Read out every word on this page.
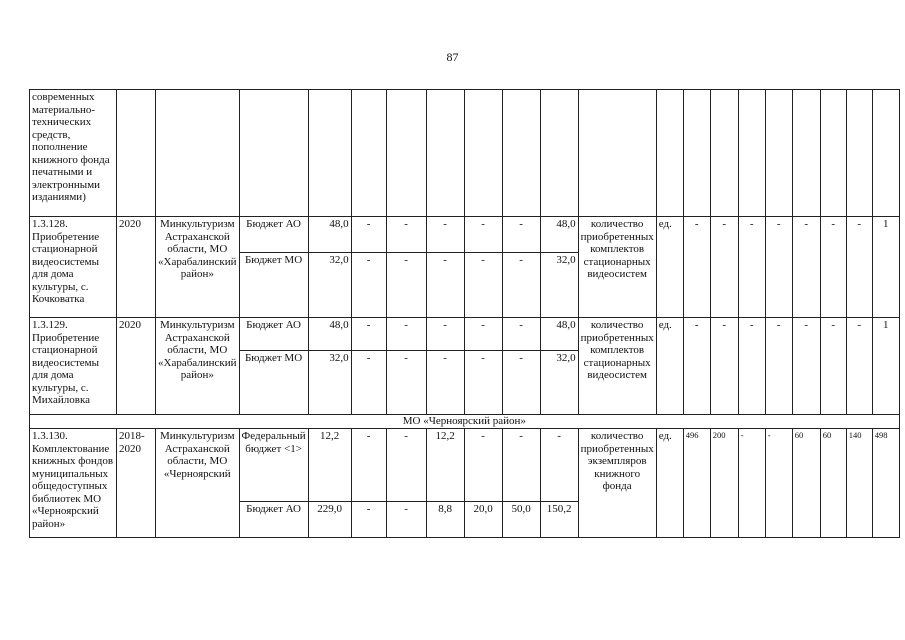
87
современных материально-технических средств, пополнение книжного фонда печатными и электронными изданиями)																				
1.3.128. Приобретение стационарной видеосистемы для дома культуры, с. Кочковатка	2020	Минкультуризм Астраханской области, МО «Харабалинский район»	Бюджет АО	48,0	-	-	-	-	-	48,0	количество приобретенных комплектов стационарных видеосистем	ед.	-	-	-	-	-	-	-	1
			Бюджет МО	32,0	-	-	-	-	-	32,0										
1.3.129. Приобретение стационарной видеосистемы для дома культуры, с. Михайловка	2020	Минкультуризм Астраханской области, МО «Харабалинский район»	Бюджет АО	48,0	-	-	-	-	-	48,0	количество приобретенных комплектов стационарных видеосистем	ед.	-	-	-	-	-	-	-	1
			Бюджет МО	32,0	-	-	-	-	-	32,0										
МО «Черноярский район»																				
1.3.130. Комплектование книжных фондов муниципальных общедоступных библиотек МО «Черноярский район»	2018-2020	Минкультуризм Астраханской области, МО «Черноярский	Федеральный бюджет <1>	12,2	-	-	12,2	-	-	-	количество приобретенных экземпляров книжного фонда	ед.	496	200	-	-	60	60	140	498
			Бюджет АО	229,0	-	-	8,8	20,0	50,0	150,2										
